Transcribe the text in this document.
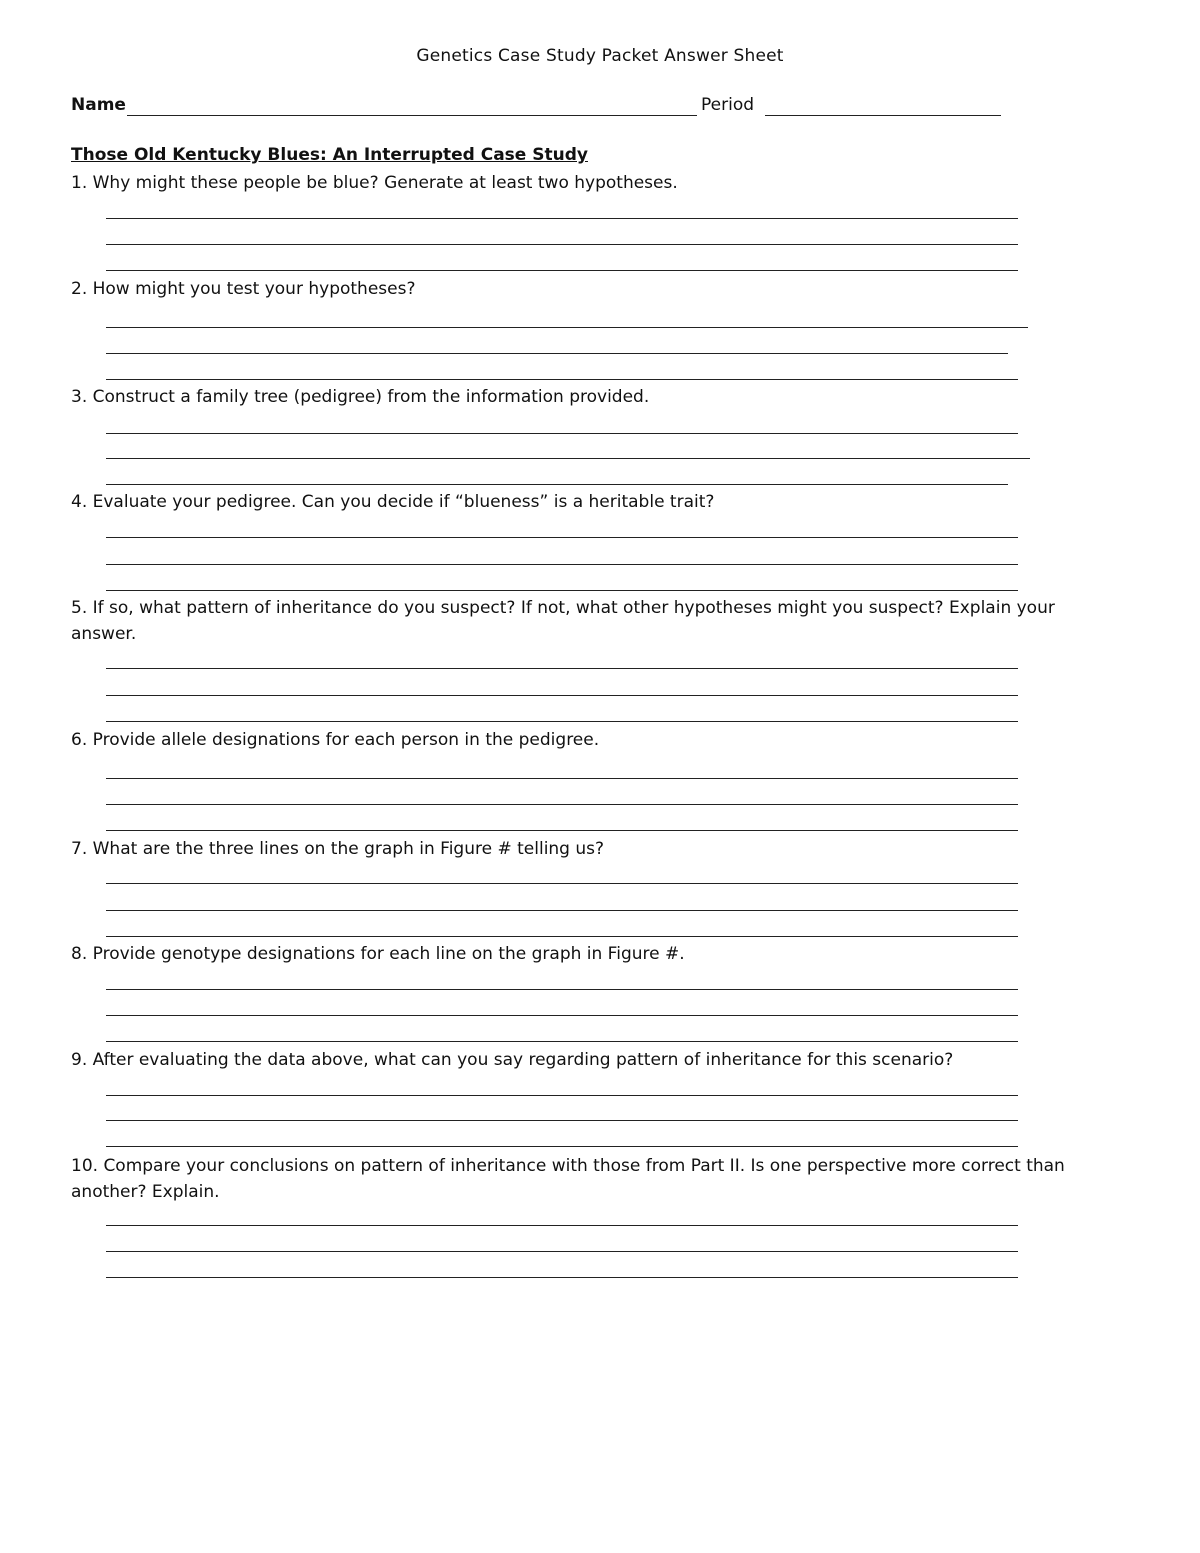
Genetics Case Study Packet Answer Sheet
Name	Period
Those Old Kentucky Blues: An Interrupted Case Study
1. Why might these people be blue? Generate at least two hypotheses.
2. How might you test your hypotheses?
3. Construct a family tree (pedigree) from the information provided.
4. Evaluate your pedigree. Can you decide if “blueness” is a heritable trait?
5. If so, what pattern of inheritance do you suspect? If not, what other hypotheses might you suspect? Explain your answer.
6. Provide allele designations for each person in the pedigree.
7. What are the three lines on the graph in Figure # telling us?
8. Provide genotype designations for each line on the graph in Figure #.
9. After evaluating the data above, what can you say regarding pattern of inheritance for this scenario?
10. Compare your conclusions on pattern of inheritance with those from Part II. Is one perspective more correct than another? Explain.
